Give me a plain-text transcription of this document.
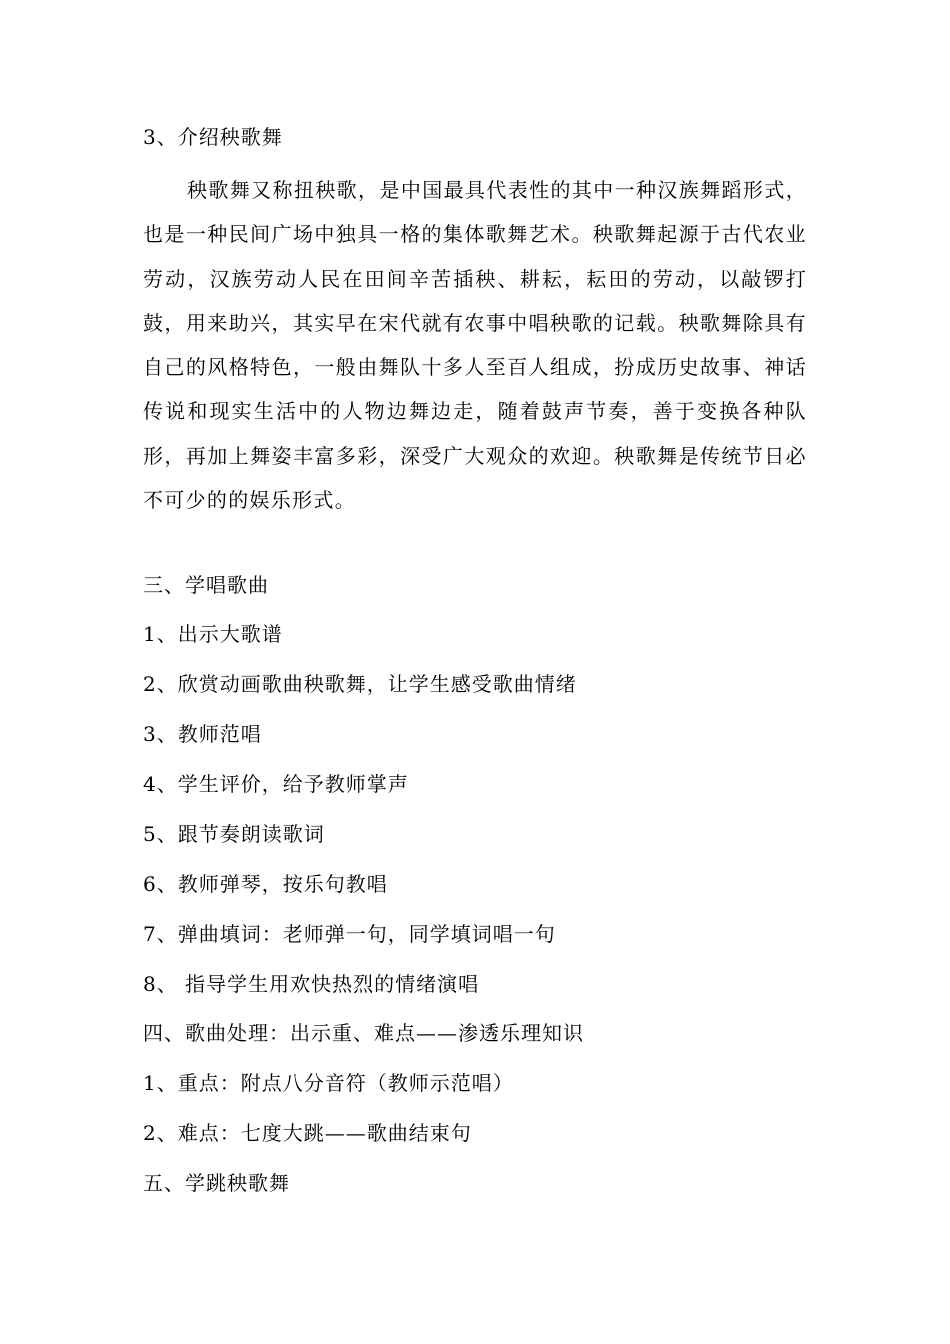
3、介绍秧歌舞
秧歌舞又称扭秧歌，是中国最具代表性的其中一种汉族舞蹈形式，也是一种民间广场中独具一格的集体歌舞艺术。秧歌舞起源于古代农业劳动，汉族劳动人民在田间辛苦插秧、耕耘，耘田的劳动，以敲锣打鼓，用来助兴，其实早在宋代就有农事中唱秧歌的记载。秧歌舞除具有自己的风格特色，一般由舞队十多人至百人组成，扮成历史故事、神话传说和现实生活中的人物边舞边走，随着鼓声节奏，善于变换各种队形，再加上舞姿丰富多彩，深受广大观众的欢迎。秧歌舞是传统节日必不可少的的娱乐形式。
三、学唱歌曲
1、出示大歌谱
2、欣赏动画歌曲秧歌舞，让学生感受歌曲情绪
3、教师范唱
4、学生评价，给予教师掌声
5、跟节奏朗读歌词
6、教师弹琴，按乐句教唱
7、弹曲填词：老师弹一句，同学填词唱一句
8、 指导学生用欢快热烈的情绪演唱
四、歌曲处理：出示重、难点——渗透乐理知识
1、重点：附点八分音符（教师示范唱）
2、难点：七度大跳——歌曲结束句
五、学跳秧歌舞
